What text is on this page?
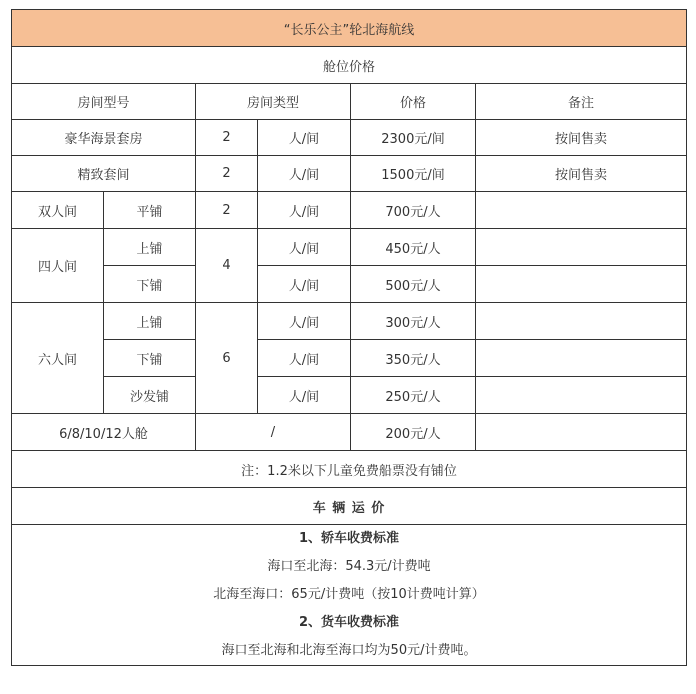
“长乐公主”轮北海航线					
舱位价格					
房间型号		房间类型		价格	备注
豪华海景套房		2	人/间	2300元/间	按间售卖
精致套间		2	人/间	1500元/间	按间售卖
双人间	平铺	2	人/间	700元/人	
四人间	上铺	4	人/间	450元/人	
	下铺		人/间	500元/人	
六人间	上铺	6	人/间	300元/人	
	下铺		人/间	350元/人	
	沙发铺		人/间	250元/人	
6/8/10/12人舱		/		200元/人	
注：1.2米以下儿童免费船票没有铺位					
车 辆 运 价					

1、轿车收费标准

海口至北海：54.3元/计费吨

北海至海口：65元/计费吨（按10计费吨计算）

2、货车收费标准

海口至北海和北海至海口均为50元/计费吨。					
